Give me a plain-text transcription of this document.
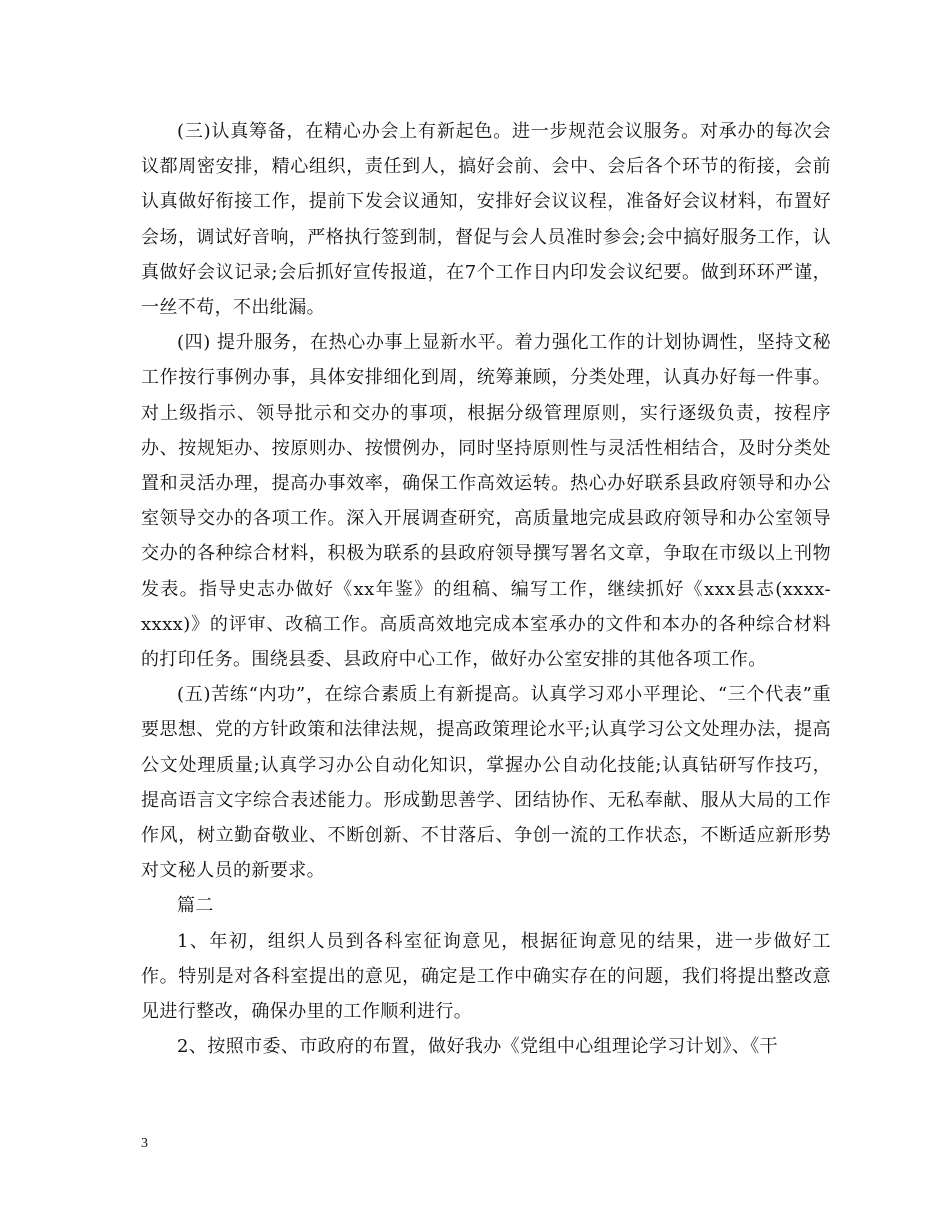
(三)认真筹备，在精心办会上有新起色。进一步规范会议服务。对承办的每次会议都周密安排，精心组织，责任到人，搞好会前、会中、会后各个环节的衔接，会前认真做好衔接工作，提前下发会议通知，安排好会议议程，准备好会议材料，布置好会场，调试好音响，严格执行签到制，督促与会人员准时参会;会中搞好服务工作，认真做好会议记录;会后抓好宣传报道，在7个工作日内印发会议纪要。做到环环严谨，一丝不苟，不出纰漏。

(四) 提升服务，在热心办事上显新水平。着力强化工作的计划协调性，坚持文秘工作按行事例办事，具体安排细化到周，统筹兼顾，分类处理，认真办好每一件事。对上级指示、领导批示和交办的事项，根据分级管理原则，实行逐级负责，按程序办、按规矩办、按原则办、按惯例办，同时坚持原则性与灵活性相结合，及时分类处置和灵活办理，提高办事效率，确保工作高效运转。热心办好联系县政府领导和办公室领导交办的各项工作。深入开展调查研究，高质量地完成县政府领导和办公室领导交办的各种综合材料，积极为联系的县政府领导撰写署名文章，争取在市级以上刊物发表。指导史志办做好《xx年鉴》的组稿、编写工作，继续抓好《xxx县志(xxxx-xxxx)》的评审、改稿工作。高质高效地完成本室承办的文件和本办的各种综合材料的打印任务。围绕县委、县政府中心工作，做好办公室安排的其他各项工作。

(五)苦练“内功”，在综合素质上有新提高。认真学习邓小平理论、“三个代表”重要思想、党的方针政策和法律法规，提高政策理论水平;认真学习公文处理办法，提高公文处理质量;认真学习办公自动化知识，掌握办公自动化技能;认真钻研写作技巧，提高语言文字综合表述能力。形成勤思善学、团结协作、无私奉献、服从大局的工作作风，树立勤奋敬业、不断创新、不甘落后、争创一流的工作状态，不断适应新形势对文秘人员的新要求。

篇二

1、年初，组织人员到各科室征询意见，根据征询意见的结果，进一步做好工作。特别是对各科室提出的意见，确定是工作中确实存在的问题，我们将提出整改意见进行整改，确保办里的工作顺利进行。

2、按照市委、市政府的布置，做好我办《党组中心组理论学习计划》、《干

3
